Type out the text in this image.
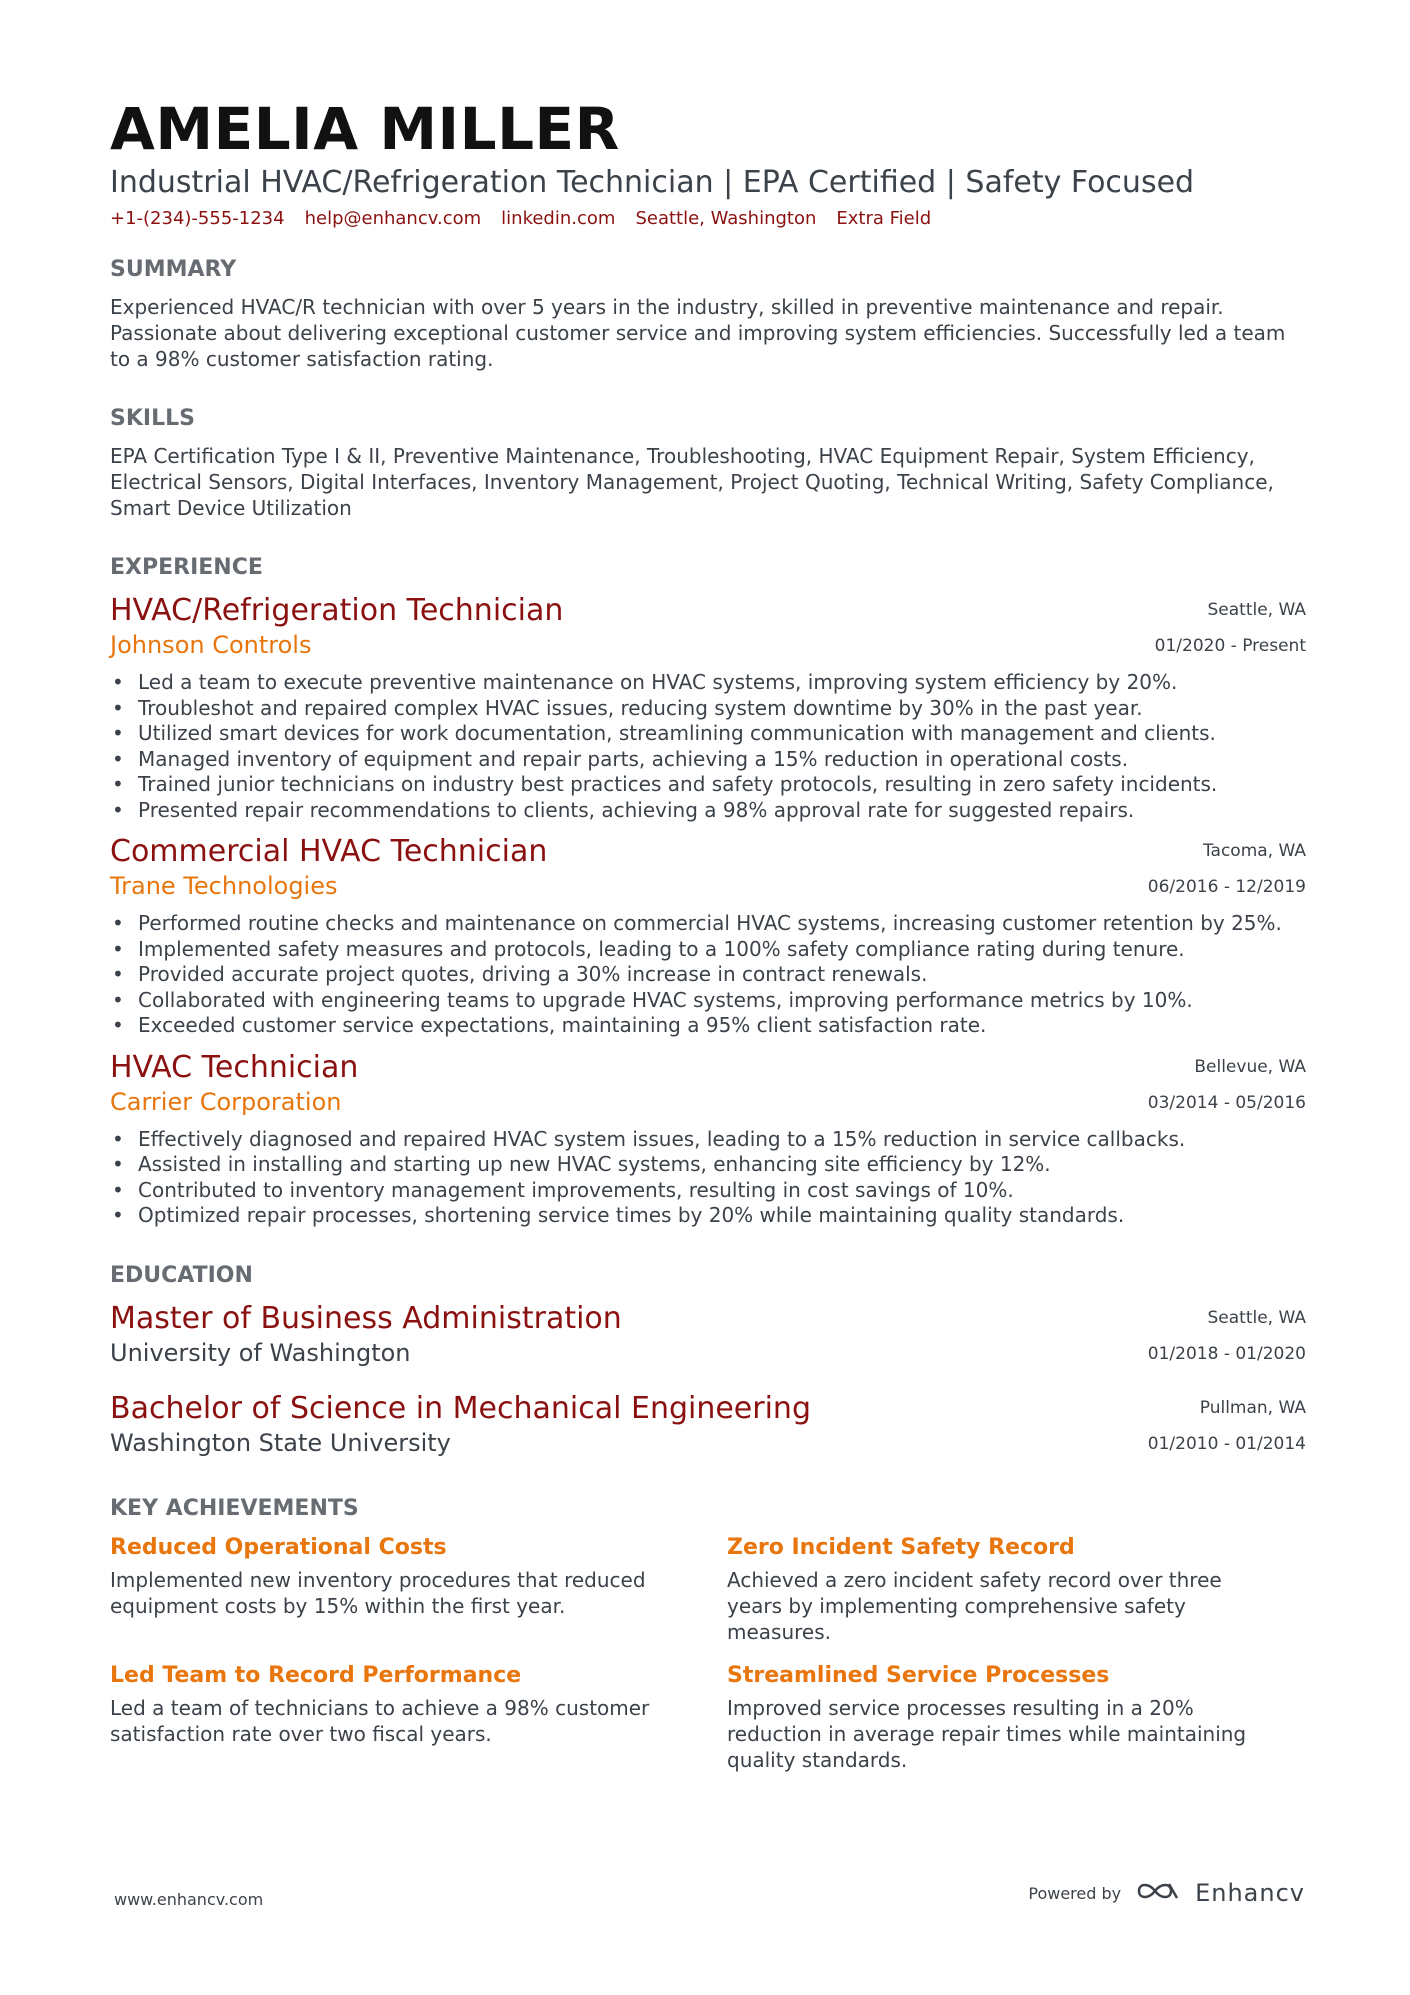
AMELIA MILLER
Industrial HVAC/Refrigeration Technician | EPA Certified | Safety Focused
+1-(234)-555-1234 help@enhancv.com linkedin.com Seattle, Washington Extra Field
SUMMARY
Experienced HVAC/R technician with over 5 years in the industry, skilled in preventive maintenance and repair. Passionate about delivering exceptional customer service and improving system efficiencies. Successfully led a team to a 98% customer satisfaction rating.
SKILLS
EPA Certification Type I & II, Preventive Maintenance, Troubleshooting, HVAC Equipment Repair, System Efficiency, Electrical Sensors, Digital Interfaces, Inventory Management, Project Quoting, Technical Writing, Safety Compliance, Smart Device Utilization
EXPERIENCE
HVAC/Refrigeration Technician
Johnson Controls
Seattle, WA
01/2020 - Present
• Led a team to execute preventive maintenance on HVAC systems, improving system efficiency by 20%.
• Troubleshot and repaired complex HVAC issues, reducing system downtime by 30% in the past year.
• Utilized smart devices for work documentation, streamlining communication with management and clients.
• Managed inventory of equipment and repair parts, achieving a 15% reduction in operational costs.
• Trained junior technicians on industry best practices and safety protocols, resulting in zero safety incidents.
• Presented repair recommendations to clients, achieving a 98% approval rate for suggested repairs.
Commercial HVAC Technician
Trane Technologies
Tacoma, WA
06/2016 - 12/2019
• Performed routine checks and maintenance on commercial HVAC systems, increasing customer retention by 25%.
• Implemented safety measures and protocols, leading to a 100% safety compliance rating during tenure.
• Provided accurate project quotes, driving a 30% increase in contract renewals.
• Collaborated with engineering teams to upgrade HVAC systems, improving performance metrics by 10%.
• Exceeded customer service expectations, maintaining a 95% client satisfaction rate.
HVAC Technician
Carrier Corporation
Bellevue, WA
03/2014 - 05/2016
• Effectively diagnosed and repaired HVAC system issues, leading to a 15% reduction in service callbacks.
• Assisted in installing and starting up new HVAC systems, enhancing site efficiency by 12%.
• Contributed to inventory management improvements, resulting in cost savings of 10%.
• Optimized repair processes, shortening service times by 20% while maintaining quality standards.
EDUCATION
Master of Business Administration
University of Washington
Seattle, WA
01/2018 - 01/2020
Bachelor of Science in Mechanical Engineering
Washington State University
Pullman, WA
01/2010 - 01/2014
KEY ACHIEVEMENTS
Reduced Operational Costs
Implemented new inventory procedures that reduced equipment costs by 15% within the first year.
Zero Incident Safety Record
Achieved a zero incident safety record over three years by implementing comprehensive safety measures.
Led Team to Record Performance
Led a team of technicians to achieve a 98% customer satisfaction rate over two fiscal years.
Streamlined Service Processes
Improved service processes resulting in a 20% reduction in average repair times while maintaining quality standards.
www.enhancv.com	Powered by	Enhancv
